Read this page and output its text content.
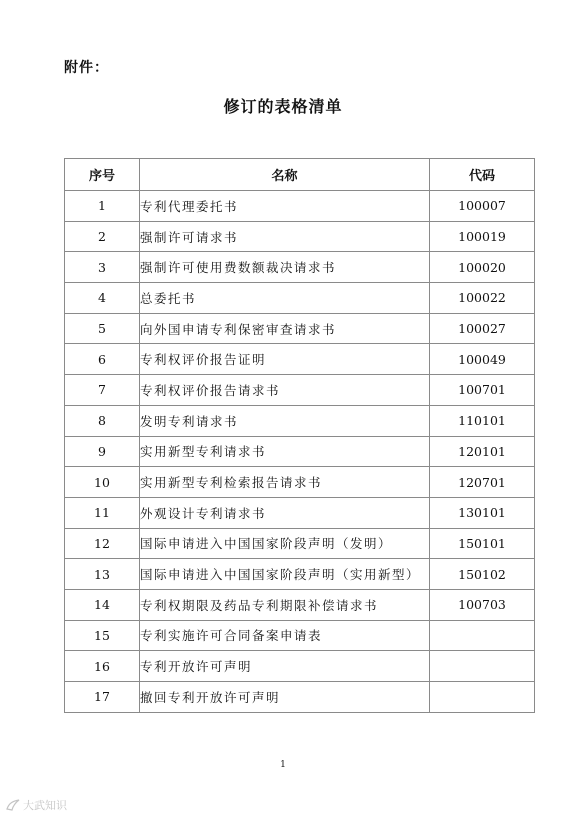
附件：
修订的表格清单
序号	名称	代码
1	专利代理委托书	100007
2	强制许可请求书	100019
3	强制许可使用费数额裁决请求书	100020
4	总委托书	100022
5	向外国申请专利保密审查请求书	100027
6	专利权评价报告证明	100049
7	专利权评价报告请求书	100701
8	发明专利请求书	110101
9	实用新型专利请求书	120101
10	实用新型专利检索报告请求书	120701
11	外观设计专利请求书	130101
12	国际申请进入中国国家阶段声明（发明）	150101
13	国际申请进入中国国家阶段声明（实用新型）	150102
14	专利权期限及药品专利期限补偿请求书	100703
15	专利实施许可合同备案申请表	
16	专利开放许可声明	
17	撤回专利开放许可声明	
1
大武知识
